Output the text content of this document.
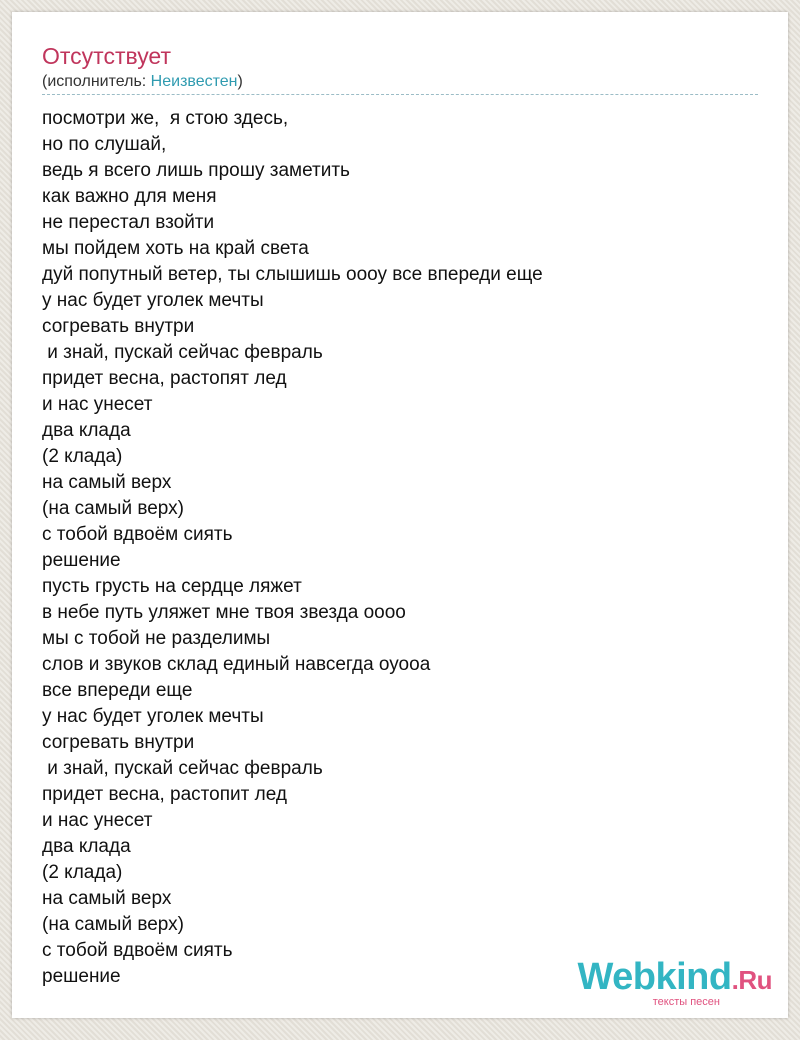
Отсутствует
(исполнитель: Неизвестен)
посмотри же,  я стою здесь,
но по слушай,
ведь я всего лишь прошу заметить
как важно для меня
не перестал взойти
мы пойдем хоть на край света
дуй попутный ветер, ты слышишь оооу все впереди еще
у нас будет уголек мечты
согревать внутри
и знай, пускай сейчас февраль
придет весна, растопят лед
и нас унесет
два клада
(2 клада)
на самый верх
(на самый верх)
с тобой вдвоём сиять
решение
пусть грусть на сердце ляжет
в небе путь уляжет мне твоя звезда оооо
мы с тобой не разделимы
слов и звуков склад единый навсегда оуооа
все впереди еще
у нас будет уголек мечты
согревать внутри
и знай, пускай сейчас февраль
придет весна, растопит лед
и нас унесет
два клада
(2 клада)
на самый верх
(на самый верх)
с тобой вдвоём сиять
решение	Webkind.Ru
тексты песен
